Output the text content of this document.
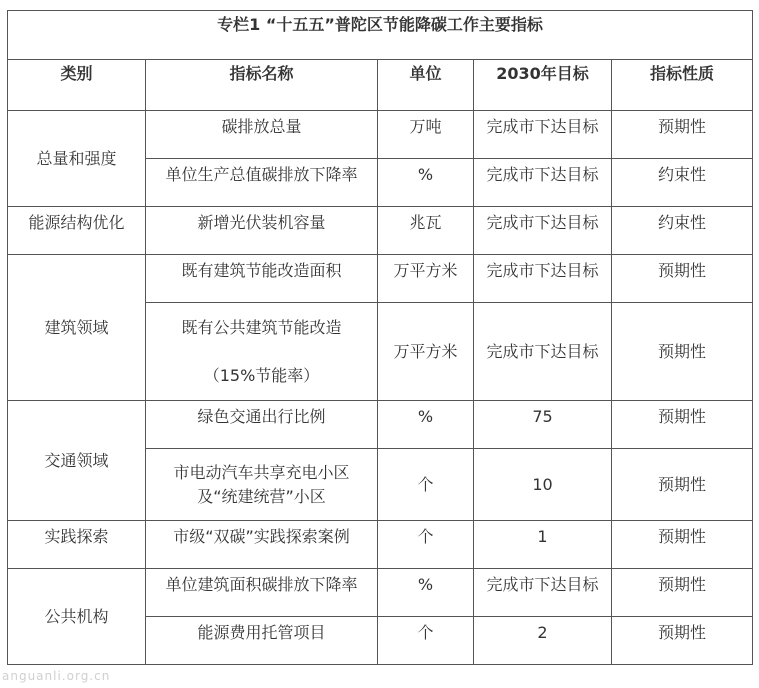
专栏1 “十五五”普陀区节能降碳工作主要指标				

类别	指标名称	单位	2030年目标	指标性质
总量和强度	碳排放总量	万吨	完成市下达目标	预期性
	单位生产总值碳排放下降率	%	完成市下达目标	约束性
能源结构优化	新增光伏装机容量	兆瓦	完成市下达目标	约束性
建筑领域	既有建筑节能改造面积	万平方米	完成市下达目标	预期性

	既有公共建筑节能改造
（15%节能率）	万平方米	完成市下达目标	预期性
交通领域	绿色交通出行比例	%	75	预期性

	市电动汽车共享充电小区
及“统建统营”小区	个	10	预期性
实践探索	市级“双碳”实践探索案例	个	1	预期性
公共机构	单位建筑面积碳排放下降率	%	完成市下达目标	预期性
	能源费用托管项目	个	2	预期性
anguanli.org.cn
